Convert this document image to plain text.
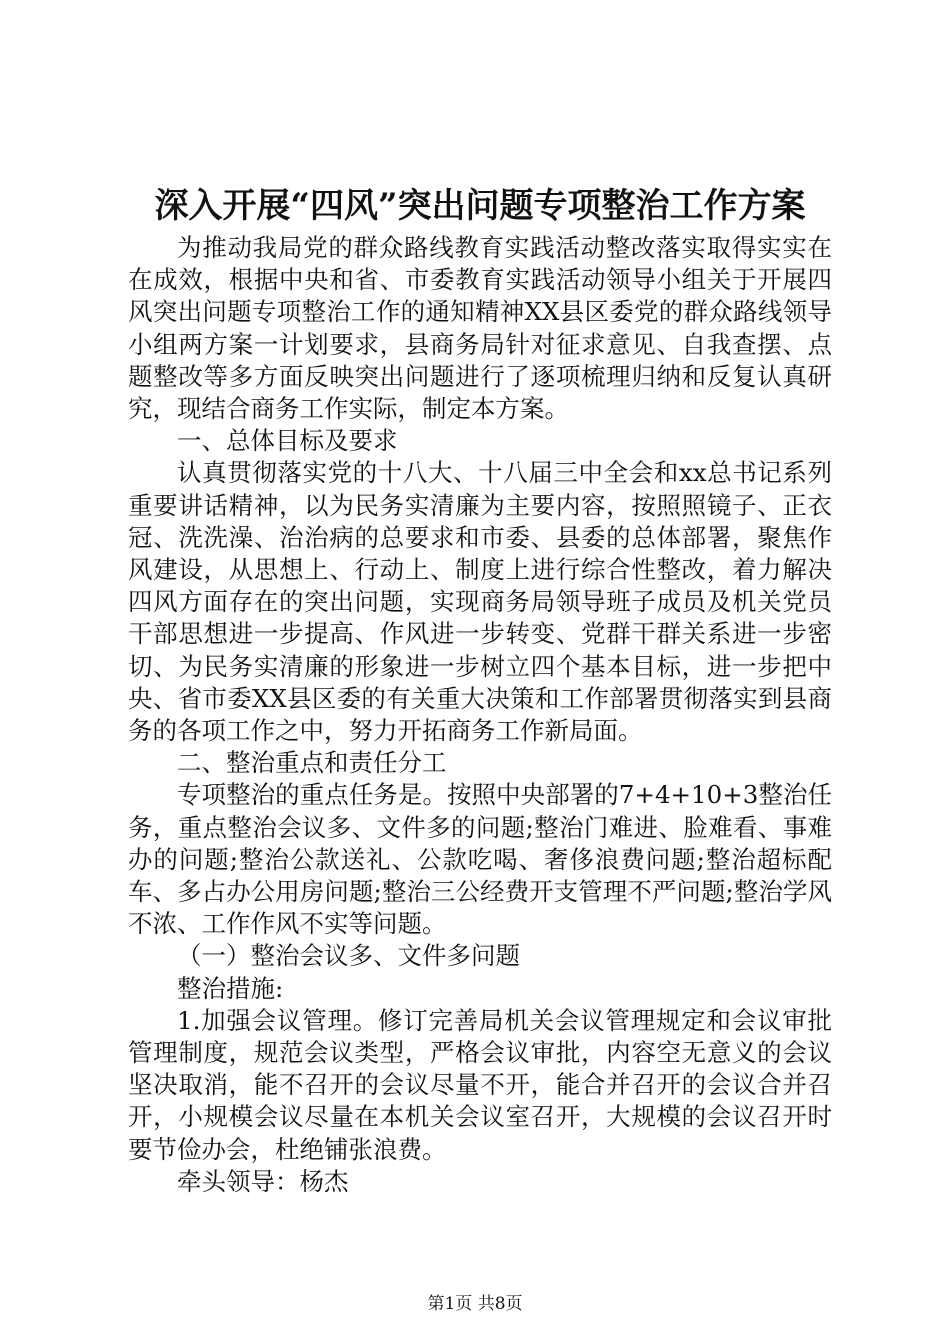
深入开展“四风”突出问题专项整治工作方案

为推动我局党的群众路线教育实践活动整改落实取得实实在在成效，根据中央和省、市委教育实践活动领导小组关于开展四风突出问题专项整治工作的通知精神XX县区委党的群众路线领导小组两方案一计划要求，县商务局针对征求意见、自我查摆、点题整改等多方面反映突出问题进行了逐项梳理归纳和反复认真研究，现结合商务工作实际，制定本方案。

一、总体目标及要求

认真贯彻落实党的十八大、十八届三中全会和xx总书记系列重要讲话精神，以为民务实清廉为主要内容，按照照镜子、正衣冠、洗洗澡、治治病的总要求和市委、县委的总体部署，聚焦作风建设，从思想上、行动上、制度上进行综合性整改，着力解决四风方面存在的突出问题，实现商务局领导班子成员及机关党员干部思想进一步提高、作风进一步转变、党群干群关系进一步密切、为民务实清廉的形象进一步树立四个基本目标，进一步把中央、省市委XX县区委的有关重大决策和工作部署贯彻落实到县商务的各项工作之中，努力开拓商务工作新局面。

二、整治重点和责任分工

专项整治的重点任务是。按照中央部署的7+4+10+3整治任务，重点整治会议多、文件多的问题;整治门难进、脸难看、事难办的问题;整治公款送礼、公款吃喝、奢侈浪费问题;整治超标配车、多占办公用房问题;整治三公经费开支管理不严问题;整治学风不浓、工作作风不实等问题。

（一）整治会议多、文件多问题

整治措施:

1.加强会议管理。修订完善局机关会议管理规定和会议审批管理制度，规范会议类型，严格会议审批，内容空无意义的会议坚决取消，能不召开的会议尽量不开，能合并召开的会议合并召开，小规模会议尽量在本机关会议室召开，大规模的会议召开时要节俭办会，杜绝铺张浪费。

牵头领导：杨杰

第1页 共8页
